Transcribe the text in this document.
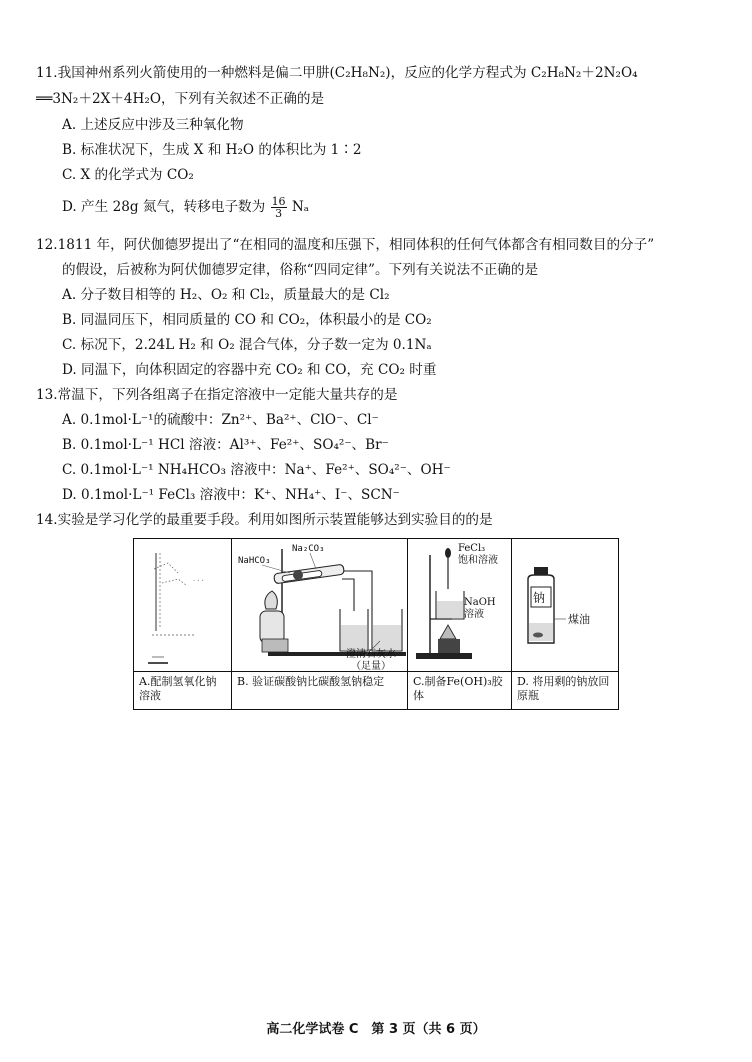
11.我国神州系列火箭使用的一种燃料是偏二甲肼(C₂H₈N₂)，反应的化学方程式为 C₂H₈N₂＋2N₂O₄
══3N₂＋2X＋4H₂O，下列有关叙述不正确的是
A. 上述反应中涉及三种氧化物
B. 标准状况下，生成 X 和 H₂O 的体积比为 1∶2
C. X 的化学式为 CO₂
D. 产生 28g 氮气，转移电子数为 $\frac{16}{3}$ Nₐ
12.1811 年，阿伏伽德罗提出了“在相同的温度和压强下，相同体积的任何气体都含有相同数目的分子”
的假设，后被称为阿伏伽德罗定律，俗称“四同定律”。下列有关说法不正确的是
A. 分子数目相等的 H₂、O₂ 和 Cl₂，质量最大的是 Cl₂
B. 同温同压下，相同质量的 CO 和 CO₂，体积最小的是 CO₂
C. 标况下，2.24L H₂ 和 O₂ 混合气体，分子数一定为 0.1Nₐ
D. 同温下，向体积固定的容器中充 CO₂ 和 CO，充 CO₂ 时重
13.常温下，下列各组离子在指定溶液中一定能大量共存的是
A. 0.1mol·L⁻¹的硫酸中：Zn²⁺、Ba²⁺、ClO⁻、Cl⁻
B. 0.1mol·L⁻¹ HCl 溶液：Al³⁺、Fe²⁺、SO₄²⁻、Br⁻
C. 0.1mol·L⁻¹ NH₄HCO₃ 溶液中：Na⁺、Fe²⁺、SO₄²⁻、OH⁻
D. 0.1mol·L⁻¹ FeCl₃ 溶液中：K⁺、NH₄⁺、I⁻、SCN⁻
14.实验是学习化学的最重要手段。利用如图所示装置能够达到实验目的的是
···
A.配制氢氧化钠溶液
NaHCO₃
Na₂CO₃
澄清石灰水
（足量）
B. 验证碳酸钠比碳酸氢钠稳定
FeCl₃
饱和溶液
NaOH
溶液
C.制备Fe(OH)₃胶体
钠
煤油
D. 将用剩的钠放回原瓶
高二化学试卷 C　第 3 页（共 6 页）
